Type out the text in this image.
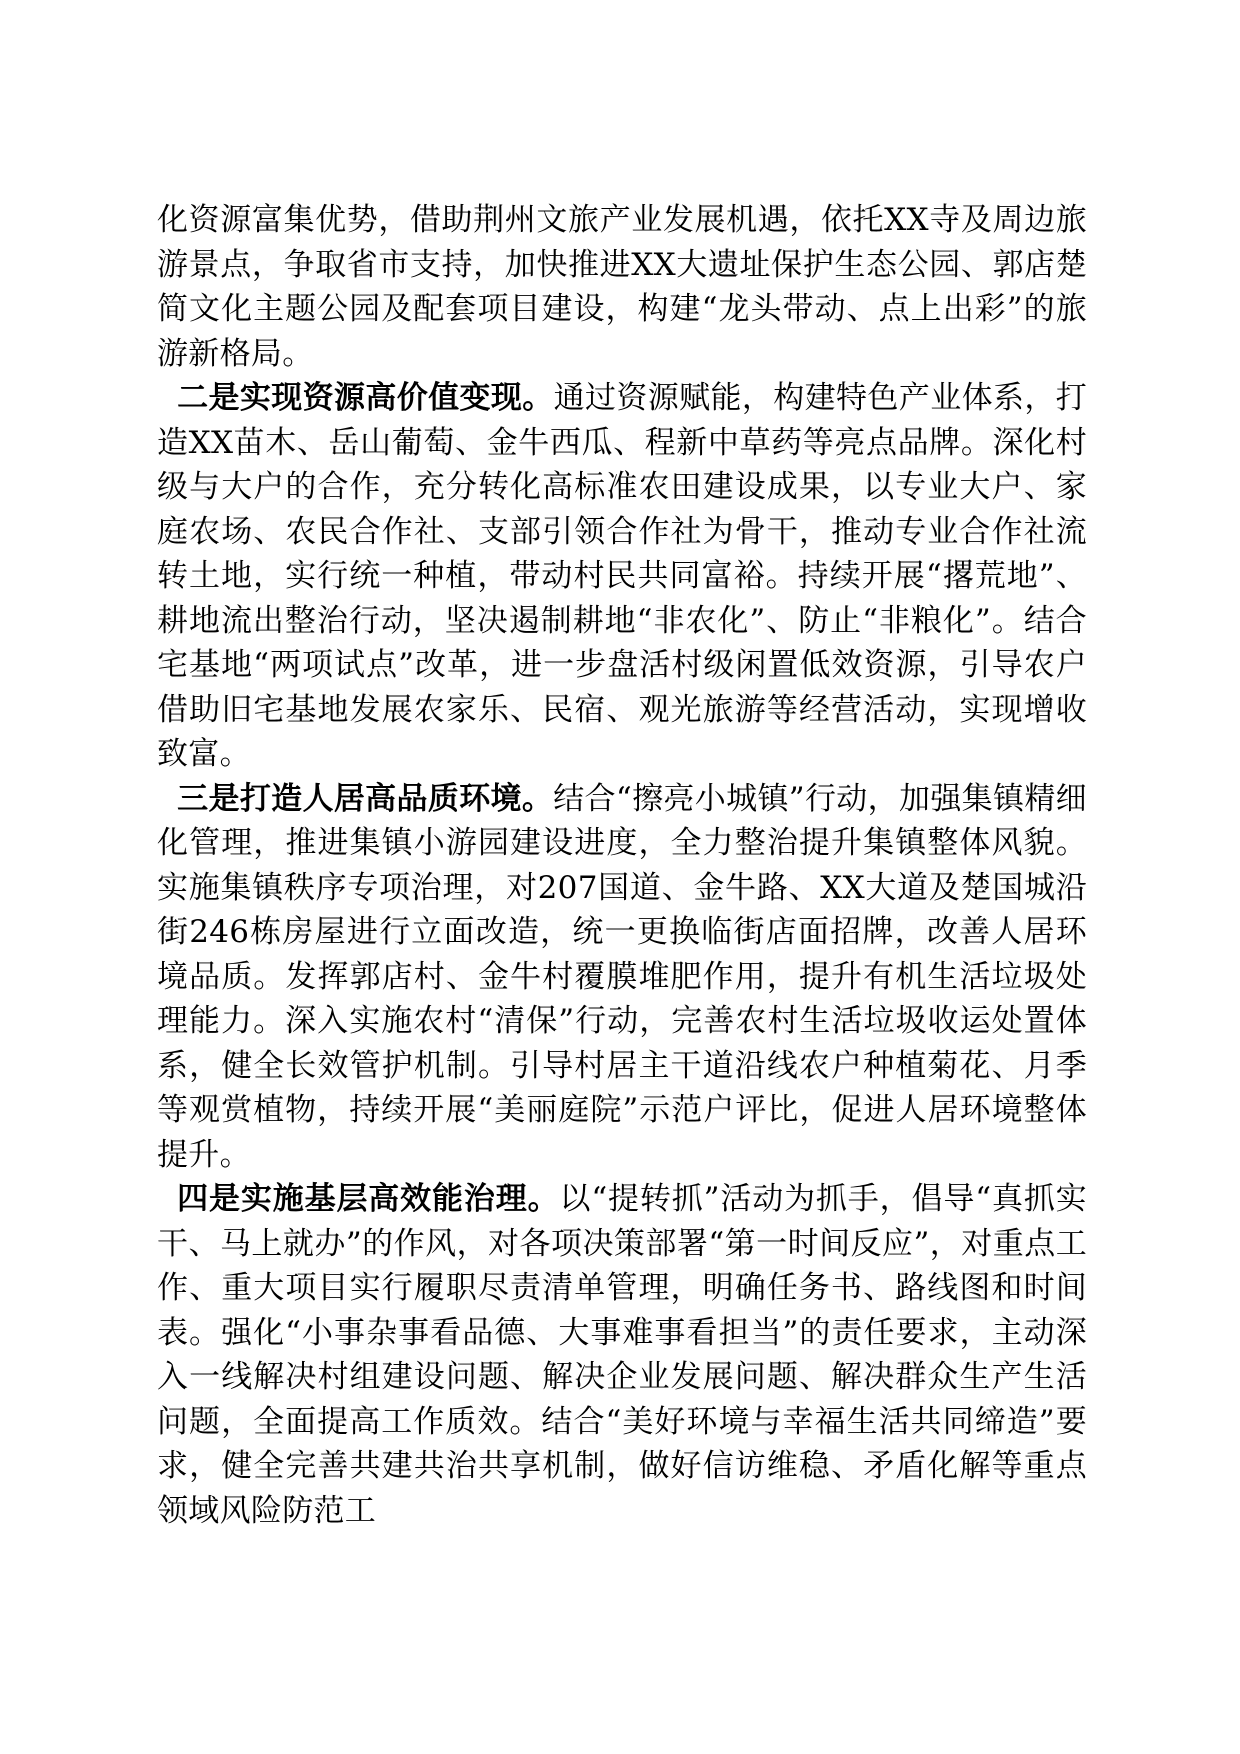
化资源富集优势，借助荆州文旅产业发展机遇，依托XX寺及周边旅游景点，争取省市支持，加快推进XX大遗址保护生态公园、郭店楚简文化主题公园及配套项目建设，构建“龙头带动、点上出彩”的旅游新格局。

二是实现资源高价值变现。通过资源赋能，构建特色产业体系，打造XX苗木、岳山葡萄、金牛西瓜、程新中草药等亮点品牌。深化村级与大户的合作，充分转化高标准农田建设成果，以专业大户、家庭农场、农民合作社、支部引领合作社为骨干，推动专业合作社流转土地，实行统一种植，带动村民共同富裕。持续开展“撂荒地”、耕地流出整治行动，坚决遏制耕地“非农化”、防止“非粮化”。结合宅基地“两项试点”改革，进一步盘活村级闲置低效资源，引导农户借助旧宅基地发展农家乐、民宿、观光旅游等经营活动，实现增收致富。

三是打造人居高品质环境。结合“擦亮小城镇”行动，加强集镇精细化管理，推进集镇小游园建设进度，全力整治提升集镇整体风貌。实施集镇秩序专项治理，对207国道、金牛路、XX大道及楚国城沿街246栋房屋进行立面改造，统一更换临街店面招牌，改善人居环境品质。发挥郭店村、金牛村覆膜堆肥作用，提升有机生活垃圾处理能力。深入实施农村“清保”行动，完善农村生活垃圾收运处置体系，健全长效管护机制。引导村居主干道沿线农户种植菊花、月季等观赏植物，持续开展“美丽庭院”示范户评比，促进人居环境整体提升。

四是实施基层高效能治理。以“提转抓”活动为抓手，倡导“真抓实干、马上就办”的作风，对各项决策部署“第一时间反应”，对重点工作、重大项目实行履职尽责清单管理，明确任务书、路线图和时间表。强化“小事杂事看品德、大事难事看担当”的责任要求，主动深入一线解决村组建设问题、解决企业发展问题、解决群众生产生活问题，全面提高工作质效。结合“美好环境与幸福生活共同缔造”要求，健全完善共建共治共享机制，做好信访维稳、矛盾化解等重点领域风险防范工
